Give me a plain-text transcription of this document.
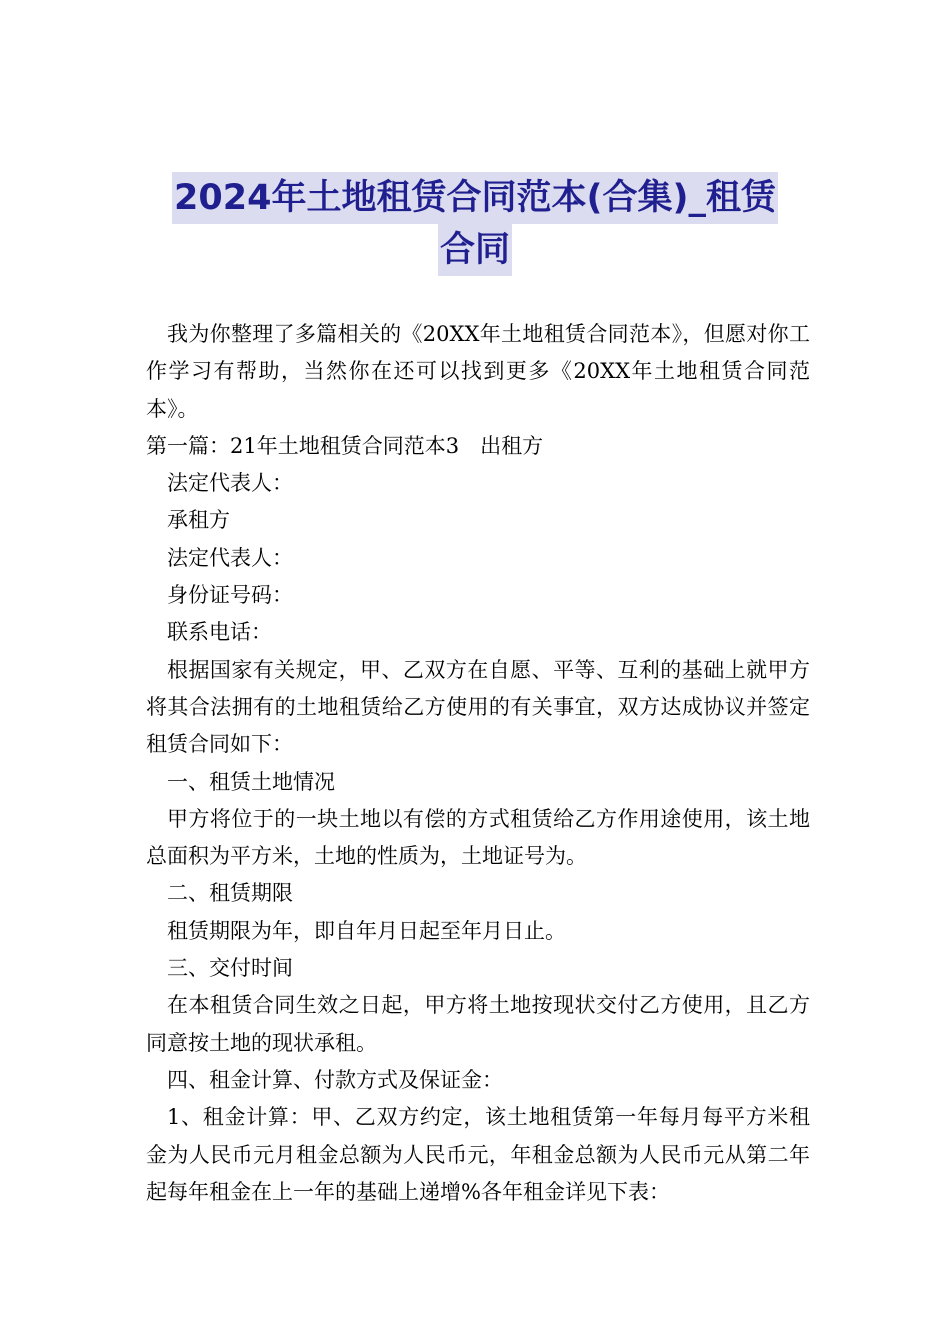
2024年土地租赁合同范本(合集)_租赁
合同

我为你整理了多篇相关的《20XX年土地租赁合同范本》，但愿对你工作学习有帮助，当然你在还可以找到更多《20XX年土地租赁合同范本》。

第一篇：21年土地租赁合同范本3　出租方

法定代表人：

承租方

法定代表人：

身份证号码：

联系电话：

根据国家有关规定，甲、乙双方在自愿、平等、互利的基础上就甲方将其合法拥有的土地租赁给乙方使用的有关事宜，双方达成协议并签定租赁合同如下：

一、租赁土地情况

甲方将位于的一块土地以有偿的方式租赁给乙方作用途使用，该土地总面积为平方米，土地的性质为，土地证号为。

二、租赁期限

租赁期限为年，即自年月日起至年月日止。

三、交付时间

在本租赁合同生效之日起，甲方将土地按现状交付乙方使用，且乙方同意按土地的现状承租。

四、租金计算、付款方式及保证金：

1、租金计算：甲、乙双方约定，该土地租赁第一年每月每平方米租金为人民币元月租金总额为人民币元，年租金总额为人民币元从第二年起每年租金在上一年的基础上递增%各年租金详见下表：
